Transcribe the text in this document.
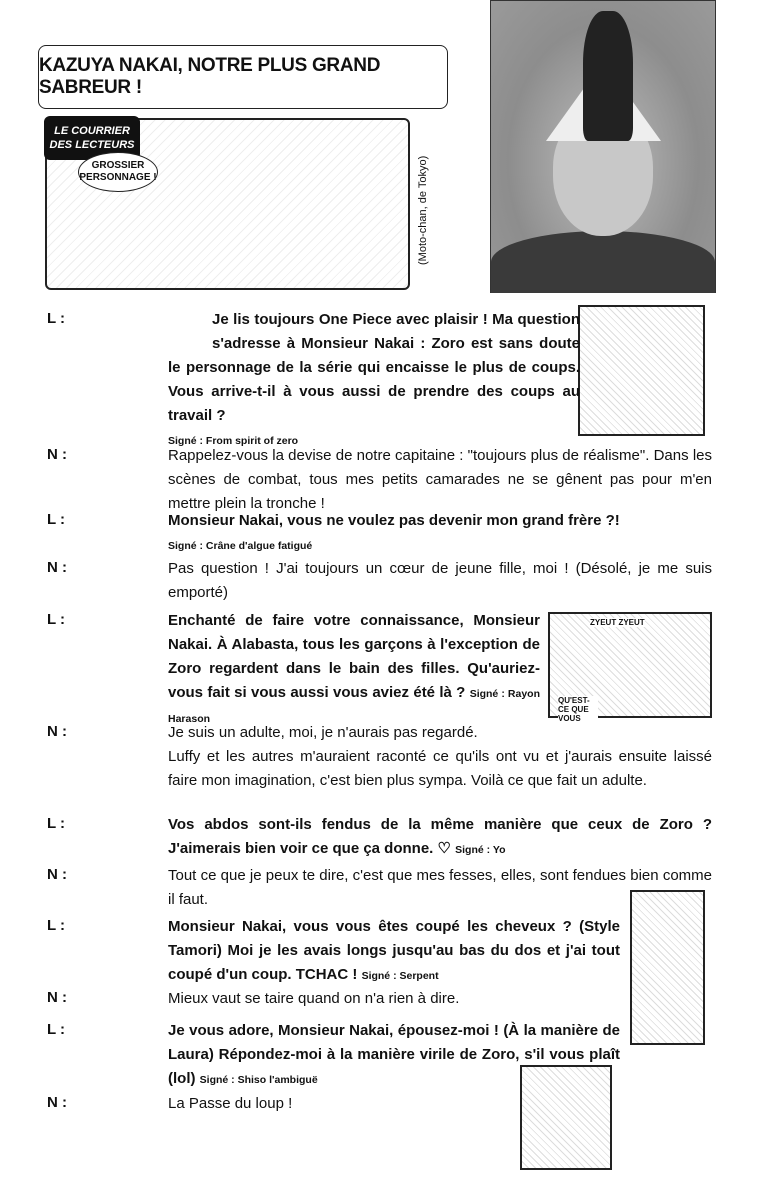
KAZUYA NAKAI, NOTRE PLUS GRAND SABREUR !
LE COURRIER DES LECTEURS
GROSSIER PERSONNAGE !	(Moto-chan, de Tokyo)
ZYEUT ZYEUT
QU'EST-CE QUE VOUS
L :	Je lis toujours One Piece avec plaisir ! Ma question s'adresse à Monsieur Nakai : Zoro est sans doute le personnage de la série qui encaisse le plus de coups. Vous arrive-t-il à vous aussi de prendre des coups au travail ?
Signé : From spirit of zero
N :	Rappelez-vous la devise de notre capitaine : "toujours plus de réalisme". Dans les scènes de combat, tous mes petits camarades ne se gênent pas pour m'en mettre plein la tronche !
L :	Monsieur Nakai, vous ne voulez pas devenir mon grand frère ?!
Signé : Crâne d'algue fatigué
N :	Pas question ! J'ai toujours un cœur de jeune fille, moi ! (Désolé, je me suis emporté)
L :	Enchanté de faire votre connaissance, Monsieur Nakai. À Alabasta, tous les garçons à l'exception de Zoro regardent dans le bain des filles. Qu'auriez-vous fait si vous aussi vous aviez été là ? Signé : Rayon Harason
N :	Je suis un adulte, moi, je n'aurais pas regardé.
Luffy et les autres m'auraient raconté ce qu'ils ont vu et j'aurais ensuite laissé faire mon imagination, c'est bien plus sympa. Voilà ce que fait un adulte.
L :	Vos abdos sont-ils fendus de la même manière que ceux de Zoro ? J'aimerais bien voir ce que ça donne. ♡ Signé : Yo
N :	Tout ce que je peux te dire, c'est que mes fesses, elles, sont fendues bien comme il faut.
L :	Monsieur Nakai, vous vous êtes coupé les cheveux ? (Style Tamori) Moi je les avais longs jusqu'au bas du dos et j'ai tout coupé d'un coup. TCHAC ! Signé : Serpent
N :	Mieux vaut se taire quand on n'a rien à dire.
L :	Je vous adore, Monsieur Nakai, épousez-moi ! (À la manière de Laura) Répondez-moi à la manière virile de Zoro, s'il vous plaît (lol) Signé : Shiso l'ambiguë
N :	La Passe du loup !
